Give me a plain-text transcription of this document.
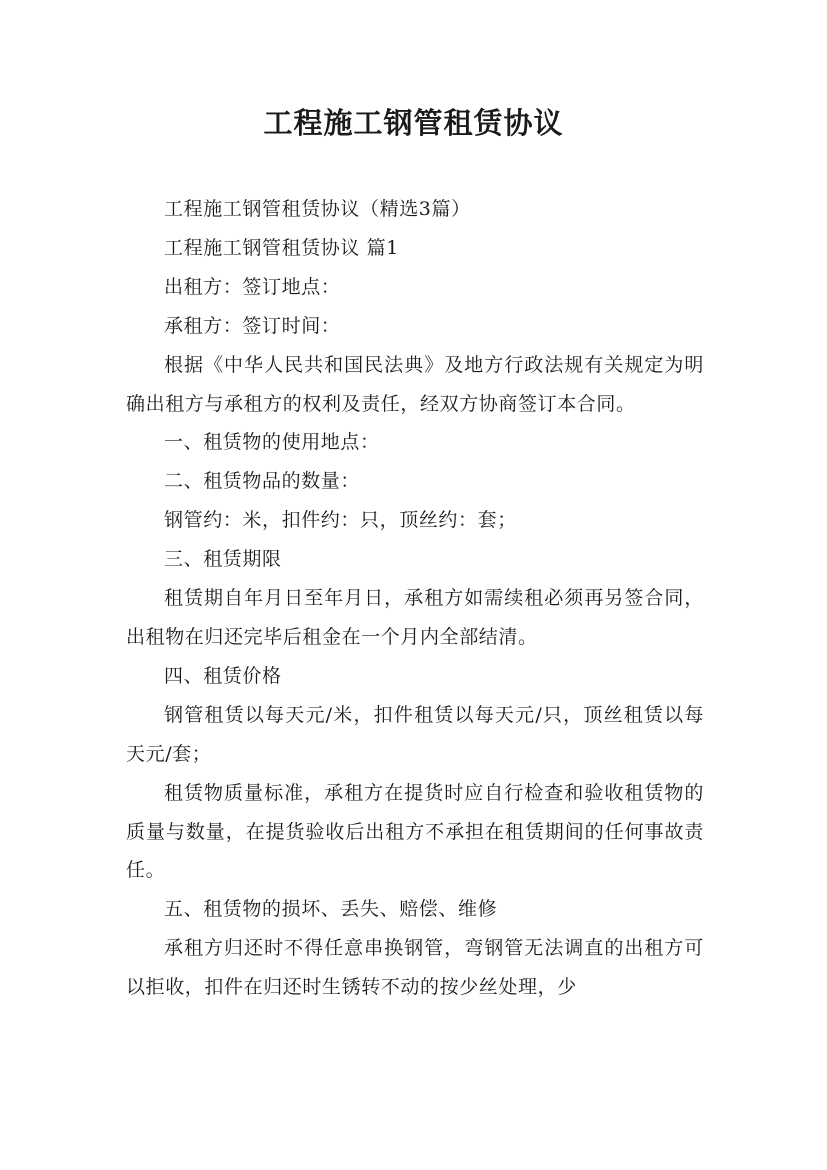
工程施工钢管租赁协议

工程施工钢管租赁协议（精选3篇）

工程施工钢管租赁协议 篇1

出租方：签订地点：

承租方：签订时间：

根据《中华人民共和国民法典》及地方行政法规有关规定为明确出租方与承租方的权利及责任，经双方协商签订本合同。

一、租赁物的使用地点：

二、租赁物品的数量：

钢管约：米，扣件约：只，顶丝约：套；

三、租赁期限

租赁期自年月日至年月日，承租方如需续租必须再另签合同，出租物在归还完毕后租金在一个月内全部结清。

四、租赁价格

钢管租赁以每天元/米，扣件租赁以每天元/只，顶丝租赁以每天元/套；

租赁物质量标准，承租方在提货时应自行检查和验收租赁物的质量与数量，在提货验收后出租方不承担在租赁期间的任何事故责任。

五、租赁物的损坏、丢失、赔偿、维修

承租方归还时不得任意串换钢管，弯钢管无法调直的出租方可以拒收，扣件在归还时生锈转不动的按少丝处理，少
